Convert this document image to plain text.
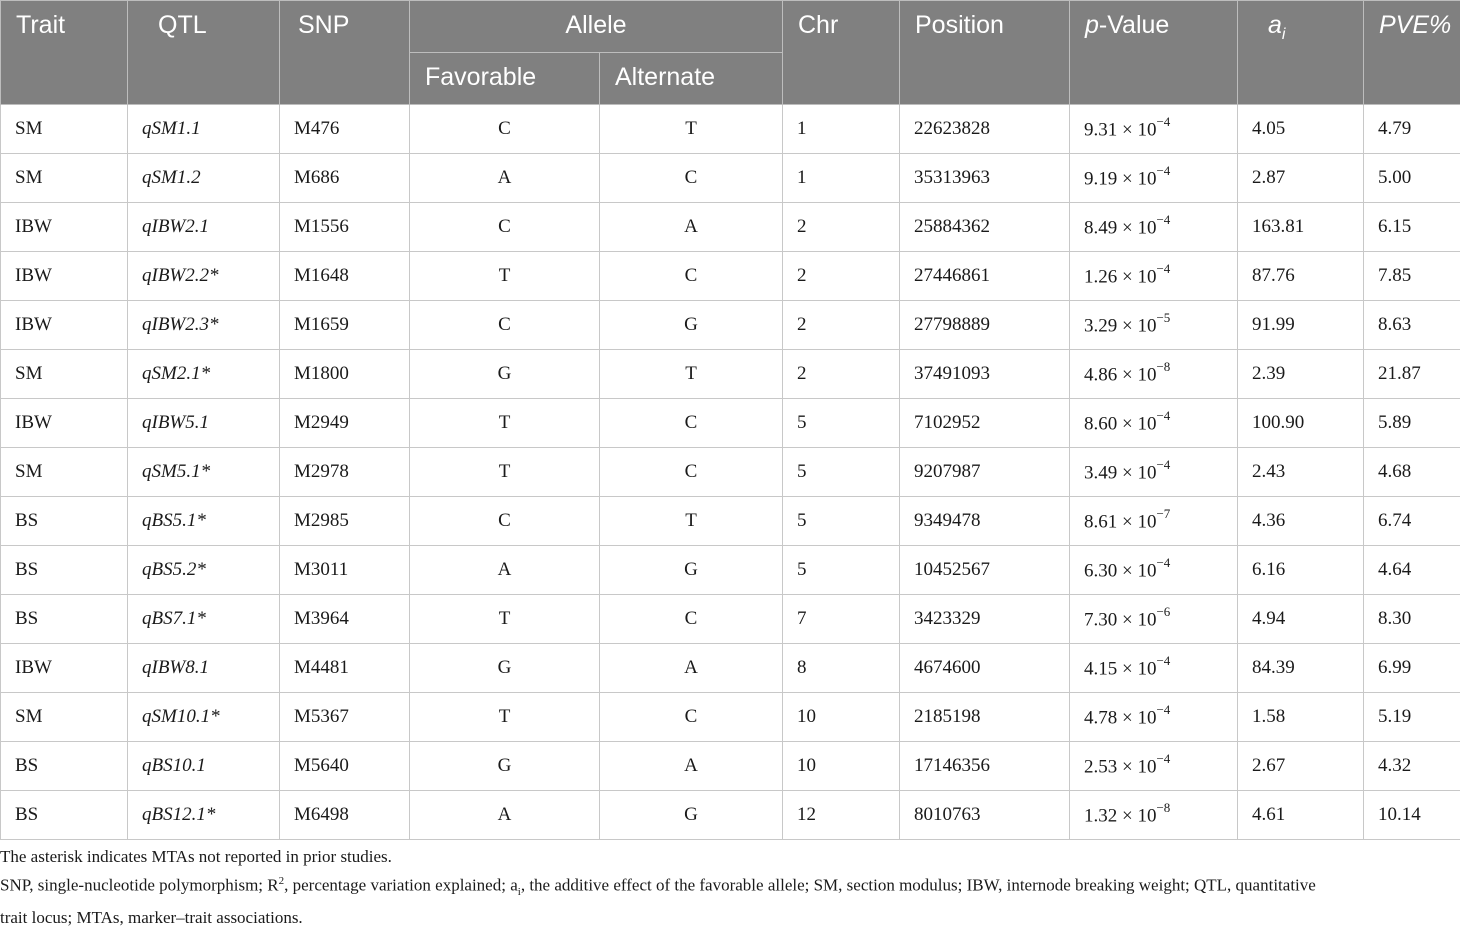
Trait	QTL	SNP	Allele		Chr	Position	p-Value	$a_i$	PVE%
			Favorable	Alternate					
SM	qSM1.1	M476	C	T	1	22623828	$9.31 \times 10^{-4}$	4.05	4.79
SM	qSM1.2	M686	A	C	1	35313963	$9.19 \times 10^{-4}$	2.87	5.00
IBW	qIBW2.1	M1556	C	A	2	25884362	$8.49 \times 10^{-4}$	163.81	6.15
IBW	qIBW2.2*	M1648	T	C	2	27446861	$1.26 \times 10^{-4}$	87.76	7.85
IBW	qIBW2.3*	M1659	C	G	2	27798889	$3.29 \times 10^{-5}$	91.99	8.63
SM	qSM2.1*	M1800	G	T	2	37491093	$4.86 \times 10^{-8}$	2.39	21.87
IBW	qIBW5.1	M2949	T	C	5	7102952	$8.60 \times 10^{-4}$	100.90	5.89
SM	qSM5.1*	M2978	T	C	5	9207987	$3.49 \times 10^{-4}$	2.43	4.68
BS	qBS5.1*	M2985	C	T	5	9349478	$8.61 \times 10^{-7}$	4.36	6.74
BS	qBS5.2*	M3011	A	G	5	10452567	$6.30 \times 10^{-4}$	6.16	4.64
BS	qBS7.1*	M3964	T	C	7	3423329	$7.30 \times 10^{-6}$	4.94	8.30
IBW	qIBW8.1	M4481	G	A	8	4674600	$4.15 \times 10^{-4}$	84.39	6.99
SM	qSM10.1*	M5367	T	C	10	2185198	$4.78 \times 10^{-4}$	1.58	5.19
BS	qBS10.1	M5640	G	A	10	17146356	$2.53 \times 10^{-4}$	2.67	4.32
BS	qBS12.1*	M6498	A	G	12	8010763	$1.32 \times 10^{-8}$	4.61	10.14

The asterisk indicates MTAs not reported in prior studies.

SNP, single-nucleotide polymorphism; $R^2$, percentage variation explained; $a_i$, the additive effect of the favorable allele; SM, section modulus; IBW, internode breaking weight; QTL, quantitative

trait locus; MTAs, marker–trait associations.
